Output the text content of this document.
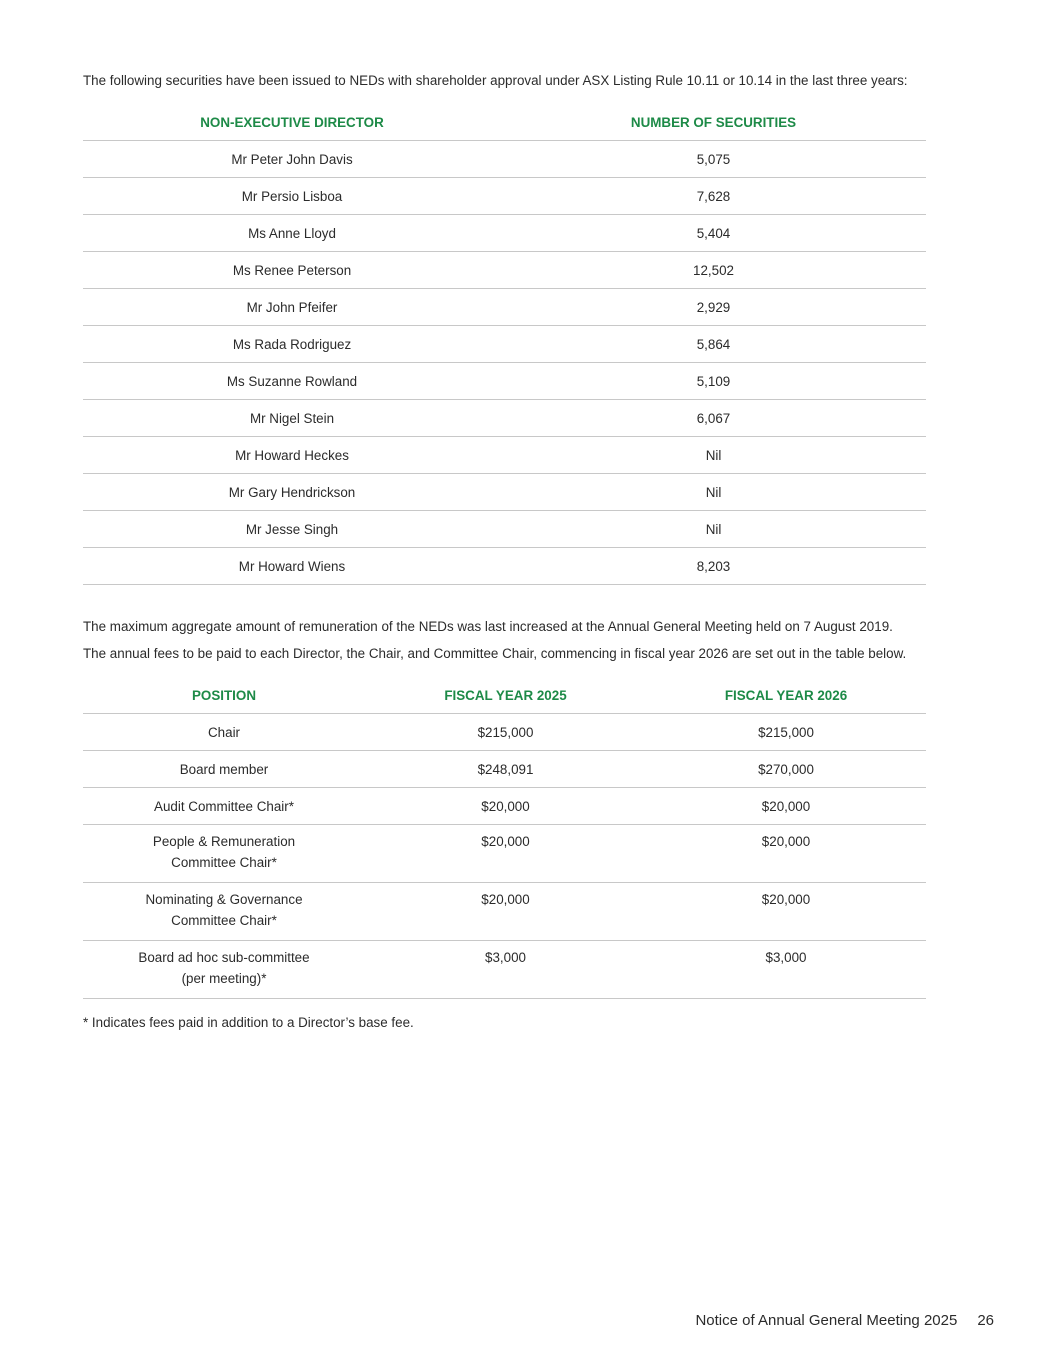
The following securities have been issued to NEDs with shareholder approval under ASX Listing Rule 10.11 or 10.14 in the last three years:

NON-EXECUTIVE DIRECTOR	NUMBER OF SECURITIES
Mr Peter John Davis	5,075
Mr Persio Lisboa	7,628
Ms Anne Lloyd	5,404
Ms Renee Peterson	12,502
Mr John Pfeifer	2,929
Ms Rada Rodriguez	5,864
Ms Suzanne Rowland	5,109
Mr Nigel Stein	6,067
Mr Howard Heckes	Nil
Mr Gary Hendrickson	Nil
Mr Jesse Singh	Nil
Mr Howard Wiens	8,203

The maximum aggregate amount of remuneration of the NEDs was last increased at the Annual General Meeting held on 7 August 2019.

The annual fees to be paid to each Director, the Chair, and Committee Chair, commencing in fiscal year 2026 are set out in the table below.

POSITION	FISCAL YEAR 2025	FISCAL YEAR 2026

Chair	$215,000	$215,000

Board member	$248,091	$270,000

Audit Committee Chair*	$20,000	$20,000

People & Remuneration
Committee Chair*	$20,000	$20,000

Nominating & Governance
Committee Chair*	$20,000	$20,000

Board ad hoc sub-committee
(per meeting)*	$3,000	$3,000

* Indicates fees paid in addition to a Director’s base fee.

Notice of Annual General Meeting 2025 26
